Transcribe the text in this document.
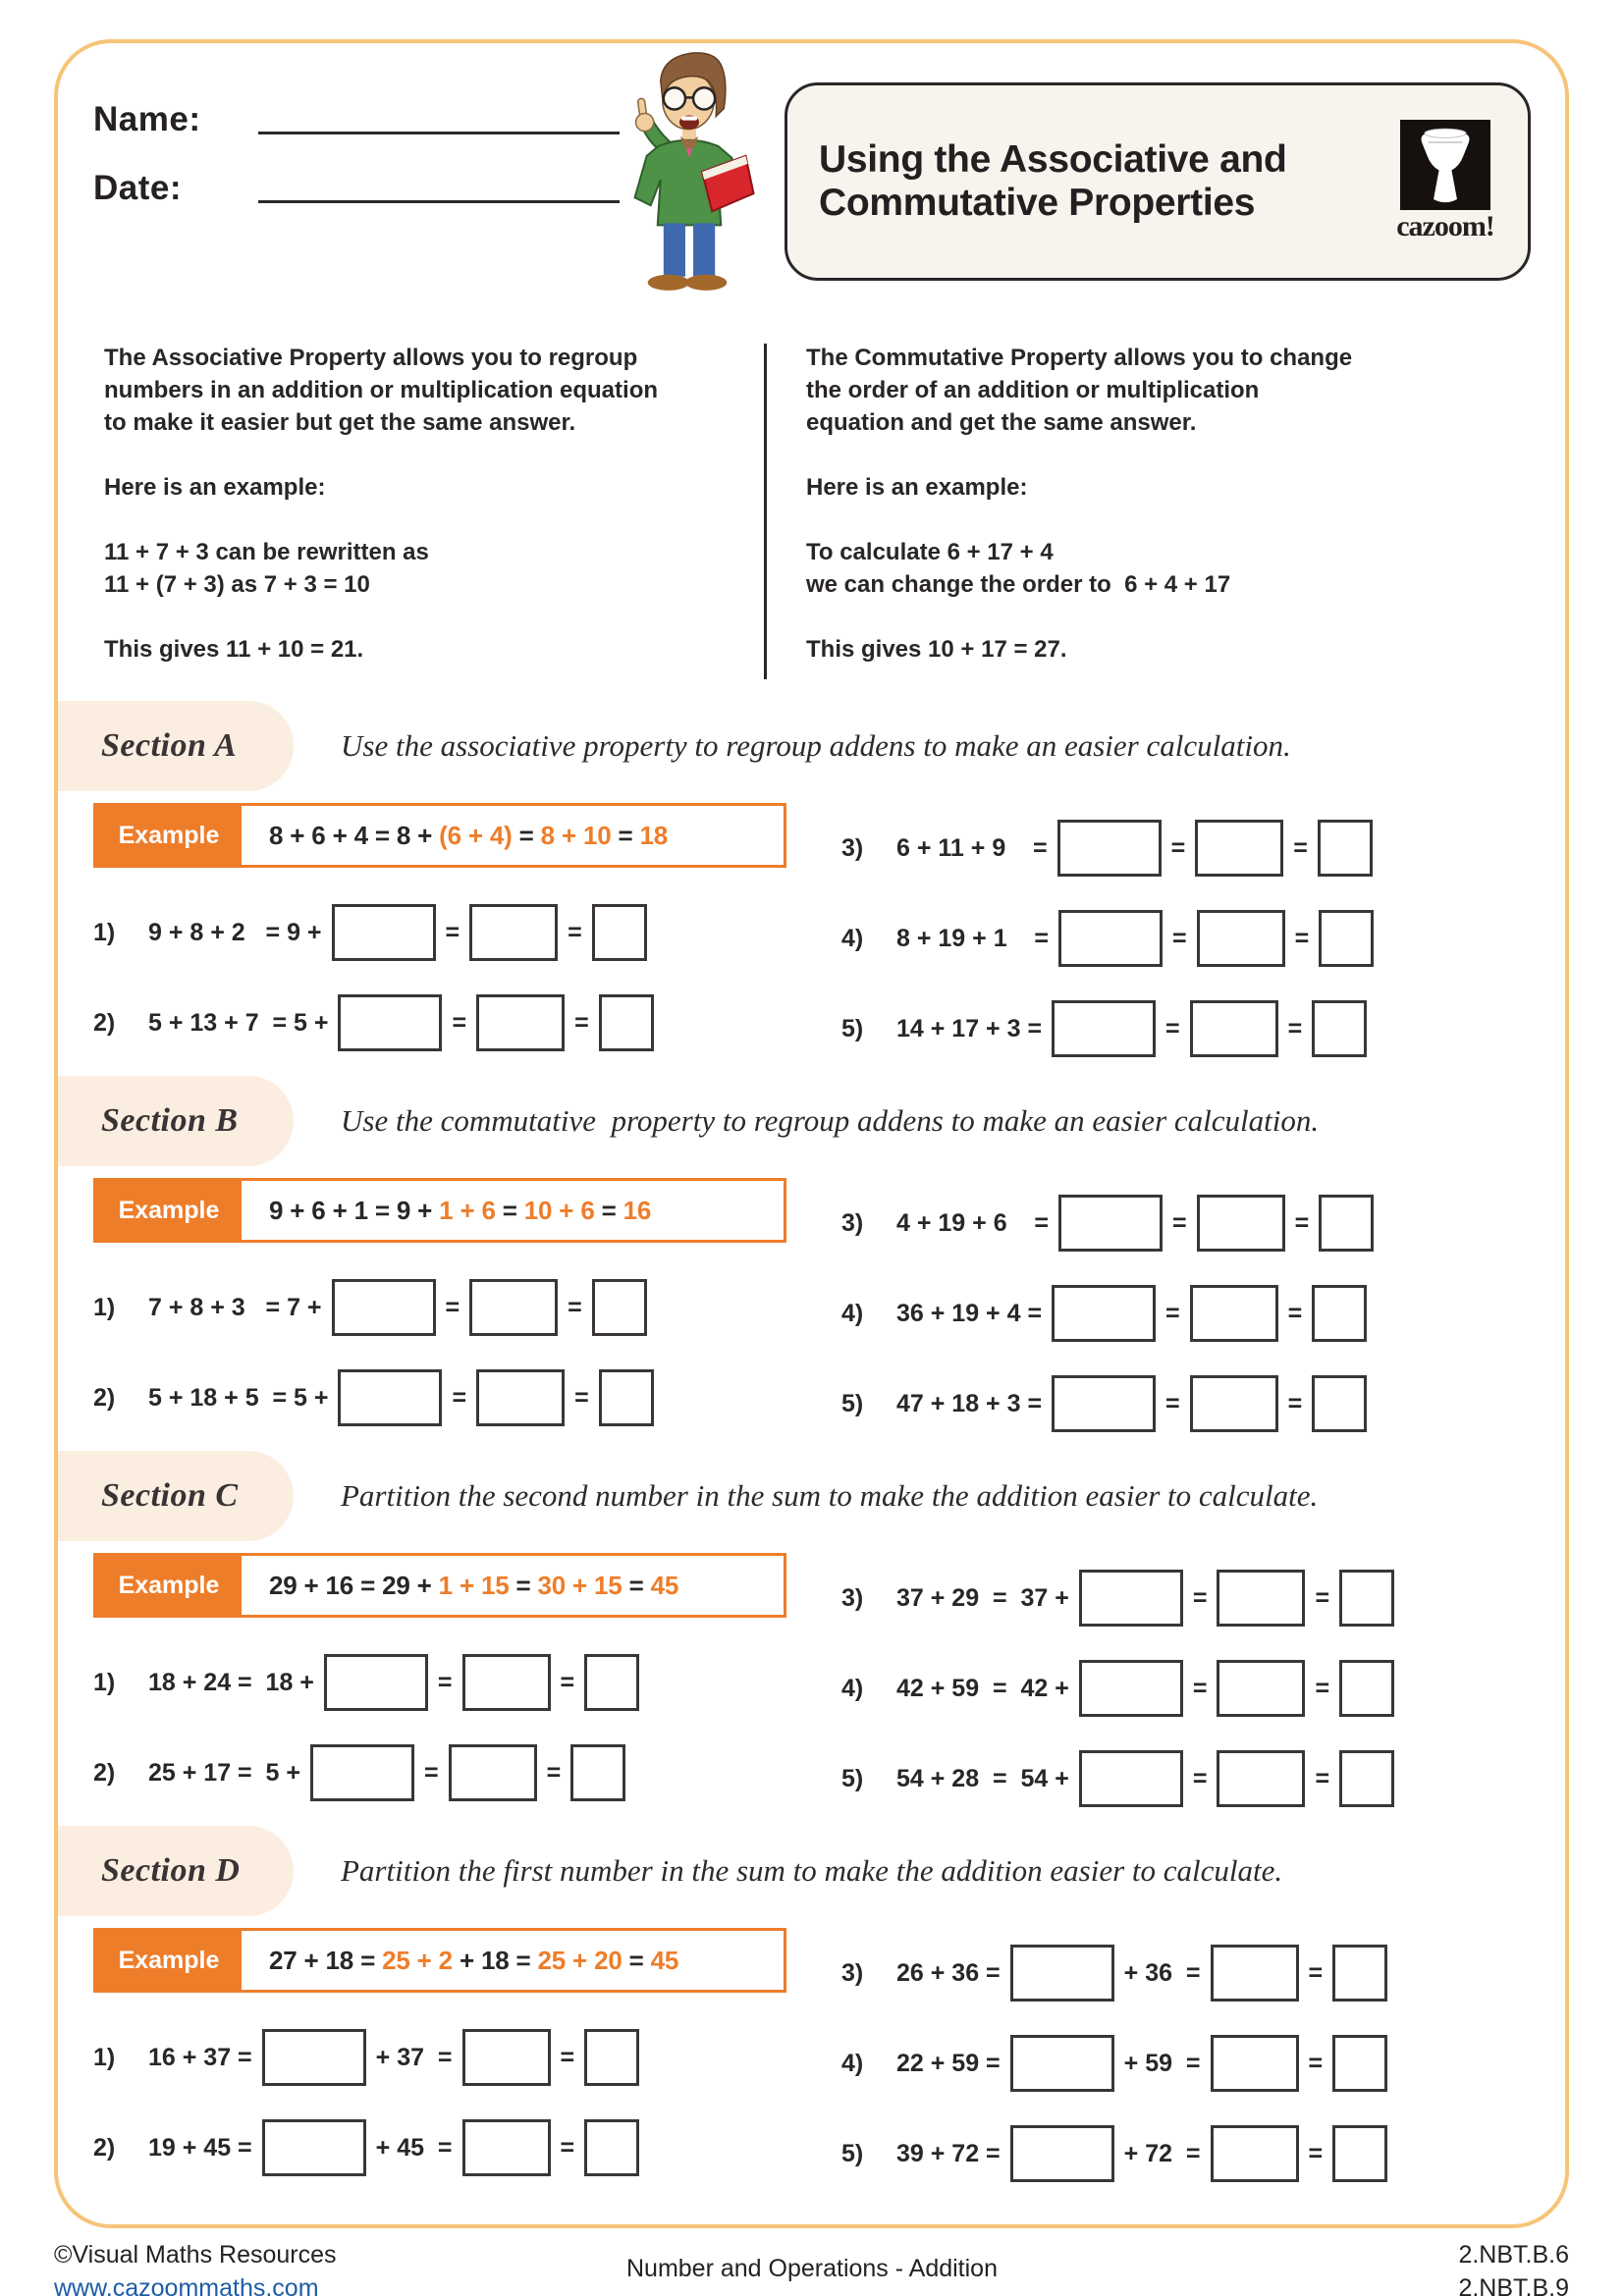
Name:
Date:
Using the Associative and
Commutative Properties
cazoom!

The Associative Property allows you to regroup
numbers in an addition or multiplication equation
to make it easier but get the same answer.

Here is an example:

11 + 7 + 3 can be rewritten as
11 + (7 + 3) as 7 + 3 = 10

This gives 11 + 10 = 21.

The Commutative Property allows you to change
the order of an addition or multiplication
equation and get the same answer.

Here is an example:

To calculate 6 + 17 + 4
we can change the order to  6 + 4 + 17

This gives 10 + 17 = 27.

Section A	Use the associative property to regroup addens to make an easier calculation.
Example	8 + 6 + 4 = 8 + (6 + 4) = 8 + 10 = 18
1)	9 + 8 + 2   = 9 +	=	=
2)	5 + 13 + 7  = 5 +	=	=
3)	6 + 11 + 9    =	=	=
4)	8 + 19 + 1    =	=	=
5)	14 + 17 + 3 =	=	=
Section B	Use the commutative  property to regroup addens to make an easier calculation.
Example	9 + 6 + 1 = 9 + 1 + 6 = 10 + 6 = 16
1)	7 + 8 + 3   = 7 +	=	=
2)	5 + 18 + 5  = 5 +	=	=
3)	4 + 19 + 6    =	=	=
4)	36 + 19 + 4 =	=	=
5)	47 + 18 + 3 =	=	=
Section C	Partition the second number in the sum to make the addition easier to calculate.
Example	29 + 16 = 29 + 1 + 15 = 30 + 15 = 45
1)	18 + 24 =  18 +	=	=
2)	25 + 17 =  5 +	=	=
3)	37 + 29  =  37 +	=	=
4)	42 + 59  =  42 +	=	=
5)	54 + 28  =  54 +	=	=
Section D	Partition the first number in the sum to make the addition easier to calculate.
Example	27 + 18 = 25 + 2 + 18 = 25 + 20 = 45
1)	16 + 37 =	+ 37  =	=
2)	19 + 45 =	+ 45  =	=
3)	26 + 36 =	+ 36  =	=
4)	22 + 59 =	+ 59  =	=
5)	39 + 72 =	+ 72  =	=
©Visual Maths Resources
www.cazoommaths.com
Number and Operations - Addition	2.NBT.B.6
2.NBT.B.9
